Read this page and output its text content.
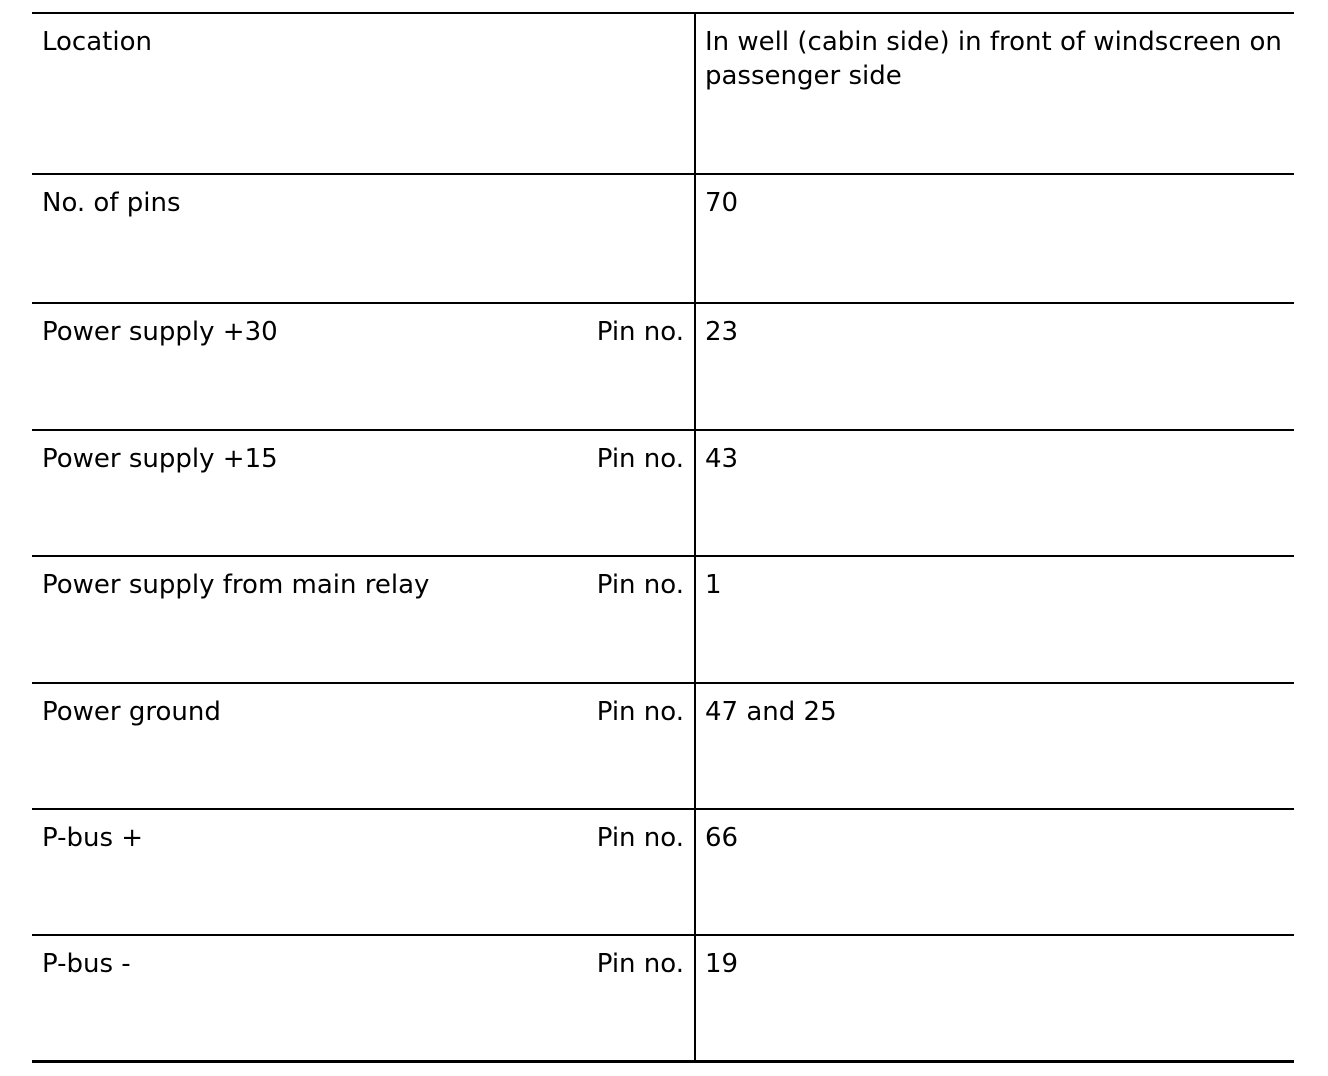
Location	In well (cabin side) in front of windscreen on passenger side

No. of pins	70

Power supply +30 Pin no.	23

Power supply +15 Pin no.	43

Power supply from main relay Pin no.	1

Power ground Pin no.	47 and 25

P-bus + Pin no.	66

P-bus - Pin no.	19
